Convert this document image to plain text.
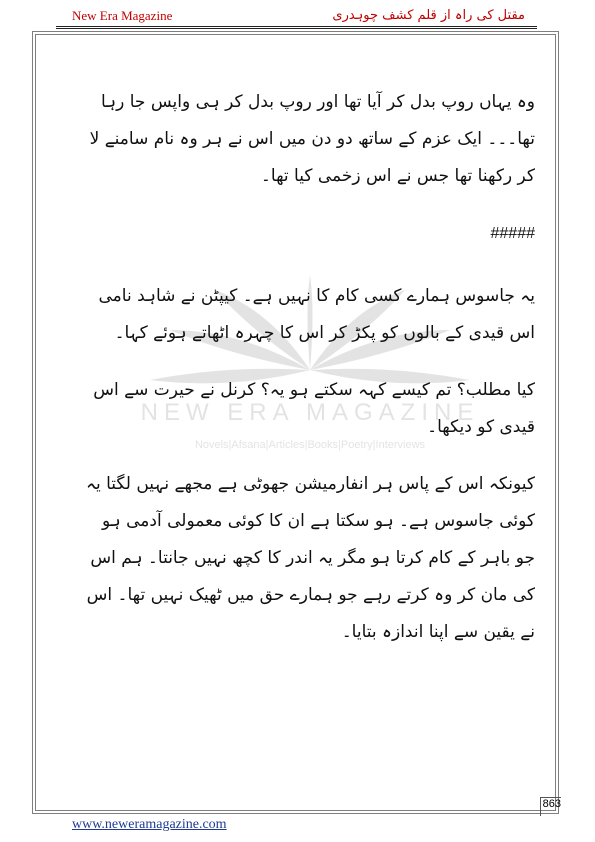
New Era Magazine	مقتل کی راہ از قلم کشف چوہدری
NEW ERA MAGAZINE
Novels|Afsana|Articles|Books|Poetry|Interviews

وہ یہاں روپ بدل کر آیا تھا اور روپ بدل کر ہی واپس جا رہا تھا۔۔۔ ایک عزم کے ساتھ دو دن میں اس نے ہر وہ نام سامنے لا کر رکھنا تھا جس نے اس زخمی کیا تھا۔

#####

یہ جاسوس ہمارے کسی کام کا نہیں ہے۔ کیپٹن نے شاہد نامی اس قیدی کے بالوں کو پکڑ کر اس کا چہرہ اٹھاتے ہوئے کہا۔

کیا مطلب؟ تم کیسے کہہ سکتے ہو یہ؟ کرنل نے حیرت سے اس قیدی کو دیکھا۔

کیونکہ اس کے پاس ہر انفارمیشن جھوٹی ہے مجھے نہیں لگتا یہ کوئی جاسوس ہے۔ ہو سکتا ہے ان کا کوئی معمولی آدمی ہو جو باہر کے کام کرتا ہو مگر یہ اندر کا کچھ نہیں جانتا۔ ہم اس کی مان کر وہ کرتے رہے جو ہمارے حق میں ٹھیک نہیں تھا۔ اس نے یقین سے اپنا اندازہ بتایا۔

863
www.neweramagazine.com
